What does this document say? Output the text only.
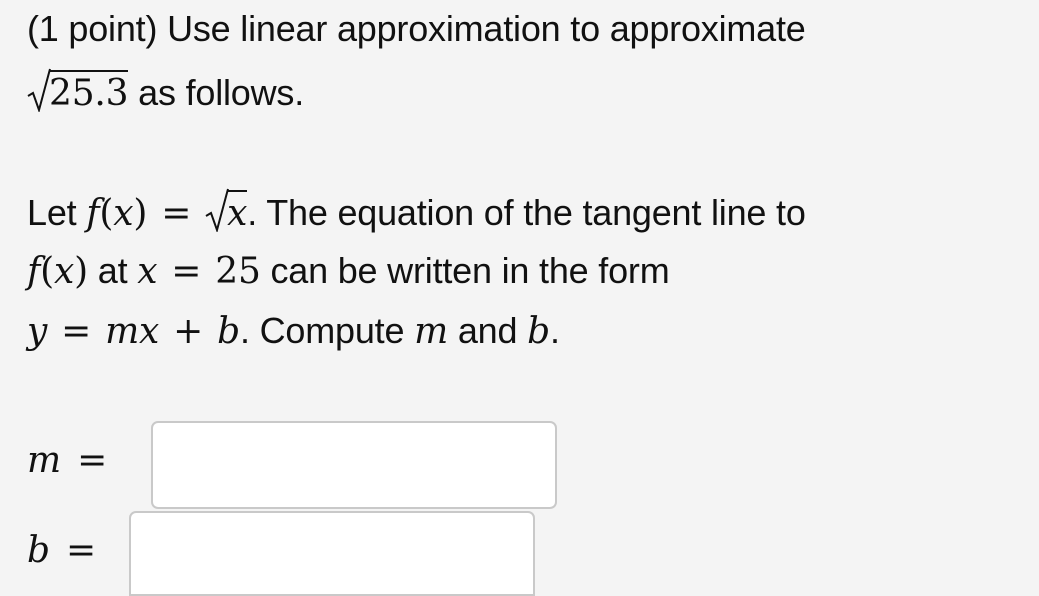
(1 point) Use linear approximation to approximate
25.3 as follows.
Let f(x) = x. The equation of the tangent line to
f(x) at x = 25 can be written in the form
y = mx + b. Compute m and b.
m =
b =
